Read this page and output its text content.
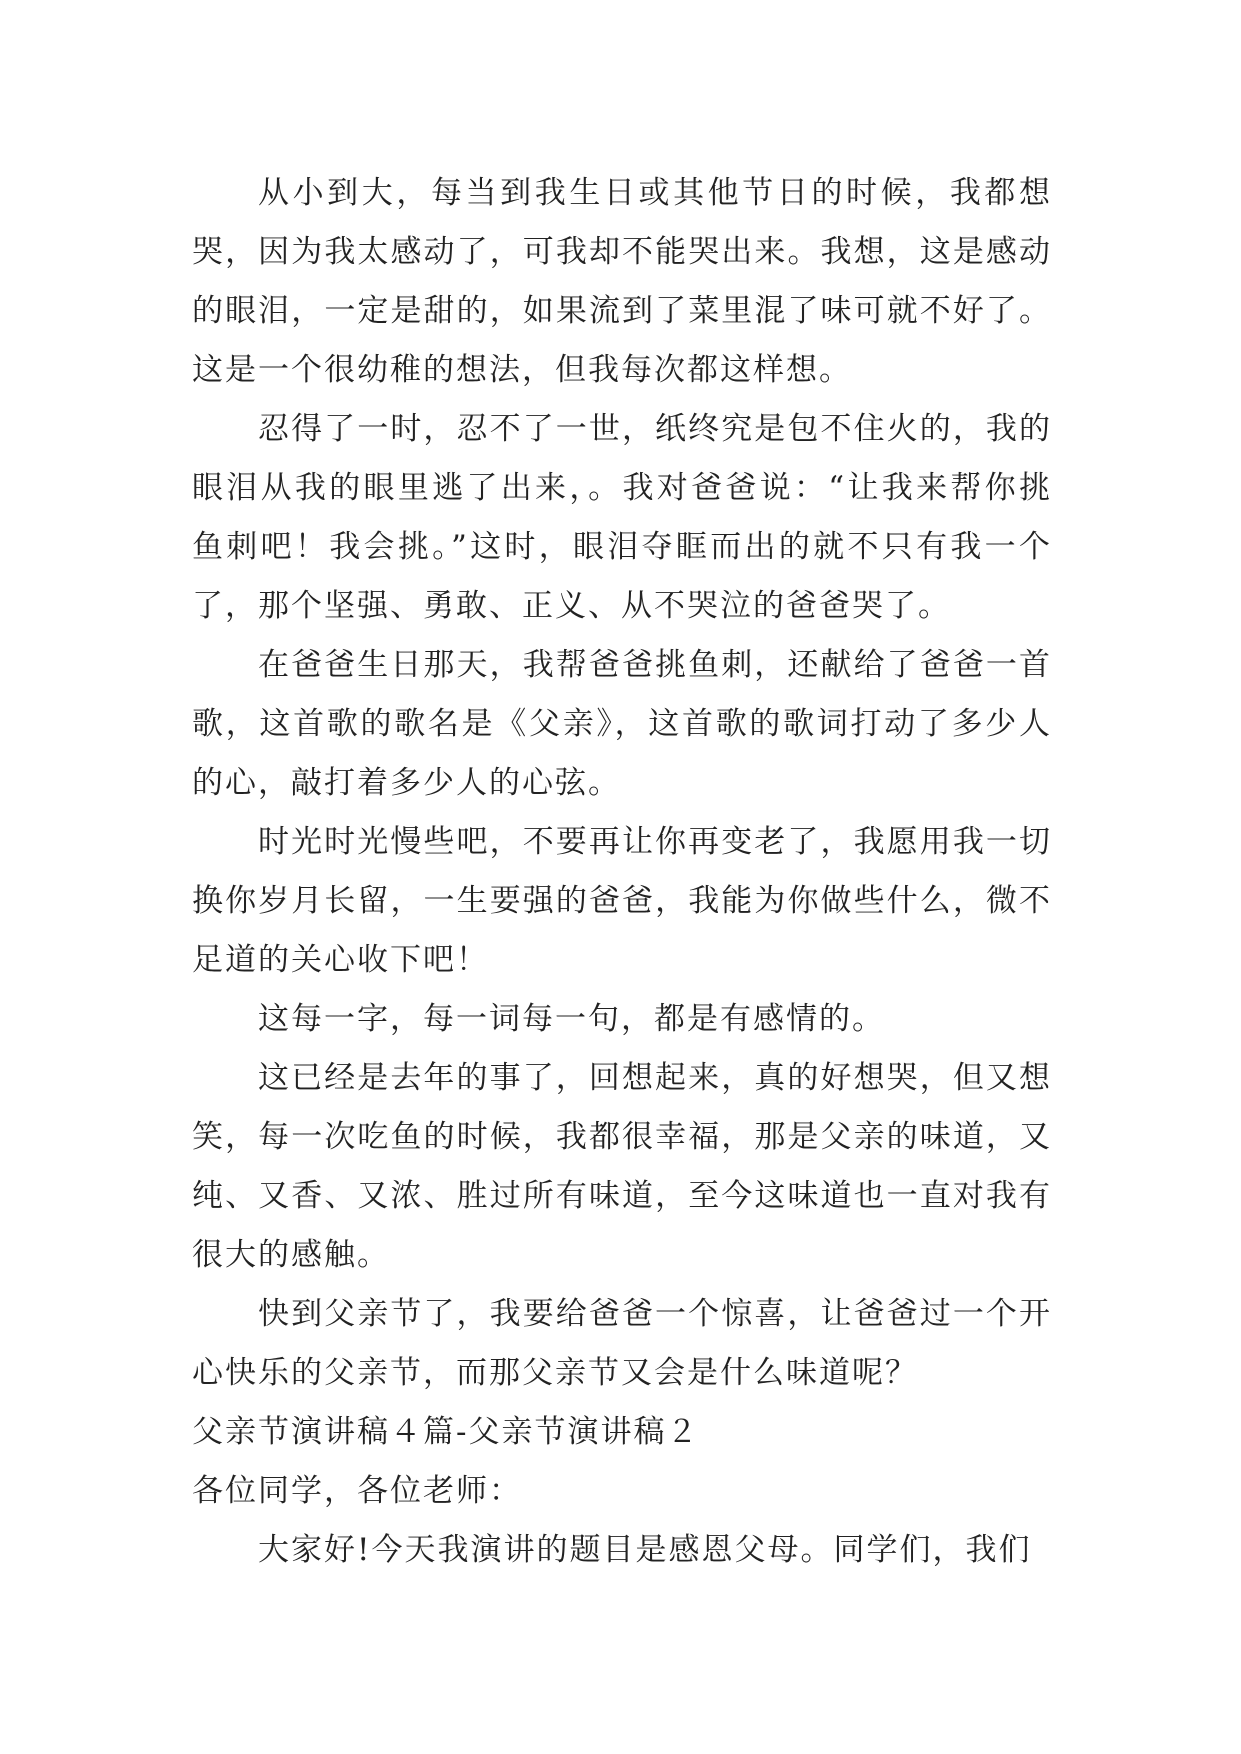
从小到大，每当到我生日或其他节日的时候，我都想哭，因为我太感动了，可我却不能哭出来。我想，这是感动的眼泪，一定是甜的，如果流到了菜里混了味可就不好了。这是一个很幼稚的想法，但我每次都这样想。

忍得了一时，忍不了一世，纸终究是包不住火的，我的眼泪从我的眼里逃了出来，。我对爸爸说：“让我来帮你挑鱼刺吧！我会挑。”这时，眼泪夺眶而出的就不只有我一个了，那个坚强、勇敢、正义、从不哭泣的爸爸哭了。

在爸爸生日那天，我帮爸爸挑鱼刺，还献给了爸爸一首歌，这首歌的歌名是《父亲》，这首歌的歌词打动了多少人的心，敲打着多少人的心弦。

时光时光慢些吧，不要再让你再变老了，我愿用我一切换你岁月长留，一生要强的爸爸，我能为你做些什么，微不足道的关心收下吧！

这每一字，每一词每一句，都是有感情的。

这已经是去年的事了，回想起来，真的好想哭，但又想笑，每一次吃鱼的时候，我都很幸福，那是父亲的味道，又纯、又香、又浓、胜过所有味道，至今这味道也一直对我有很大的感触。

快到父亲节了，我要给爸爸一个惊喜，让爸爸过一个开心快乐的父亲节，而那父亲节又会是什么味道呢？

父亲节演讲稿４篇-父亲节演讲稿２

各位同学，各位老师：

大家好!今天我演讲的题目是感恩父母。同学们，我们
